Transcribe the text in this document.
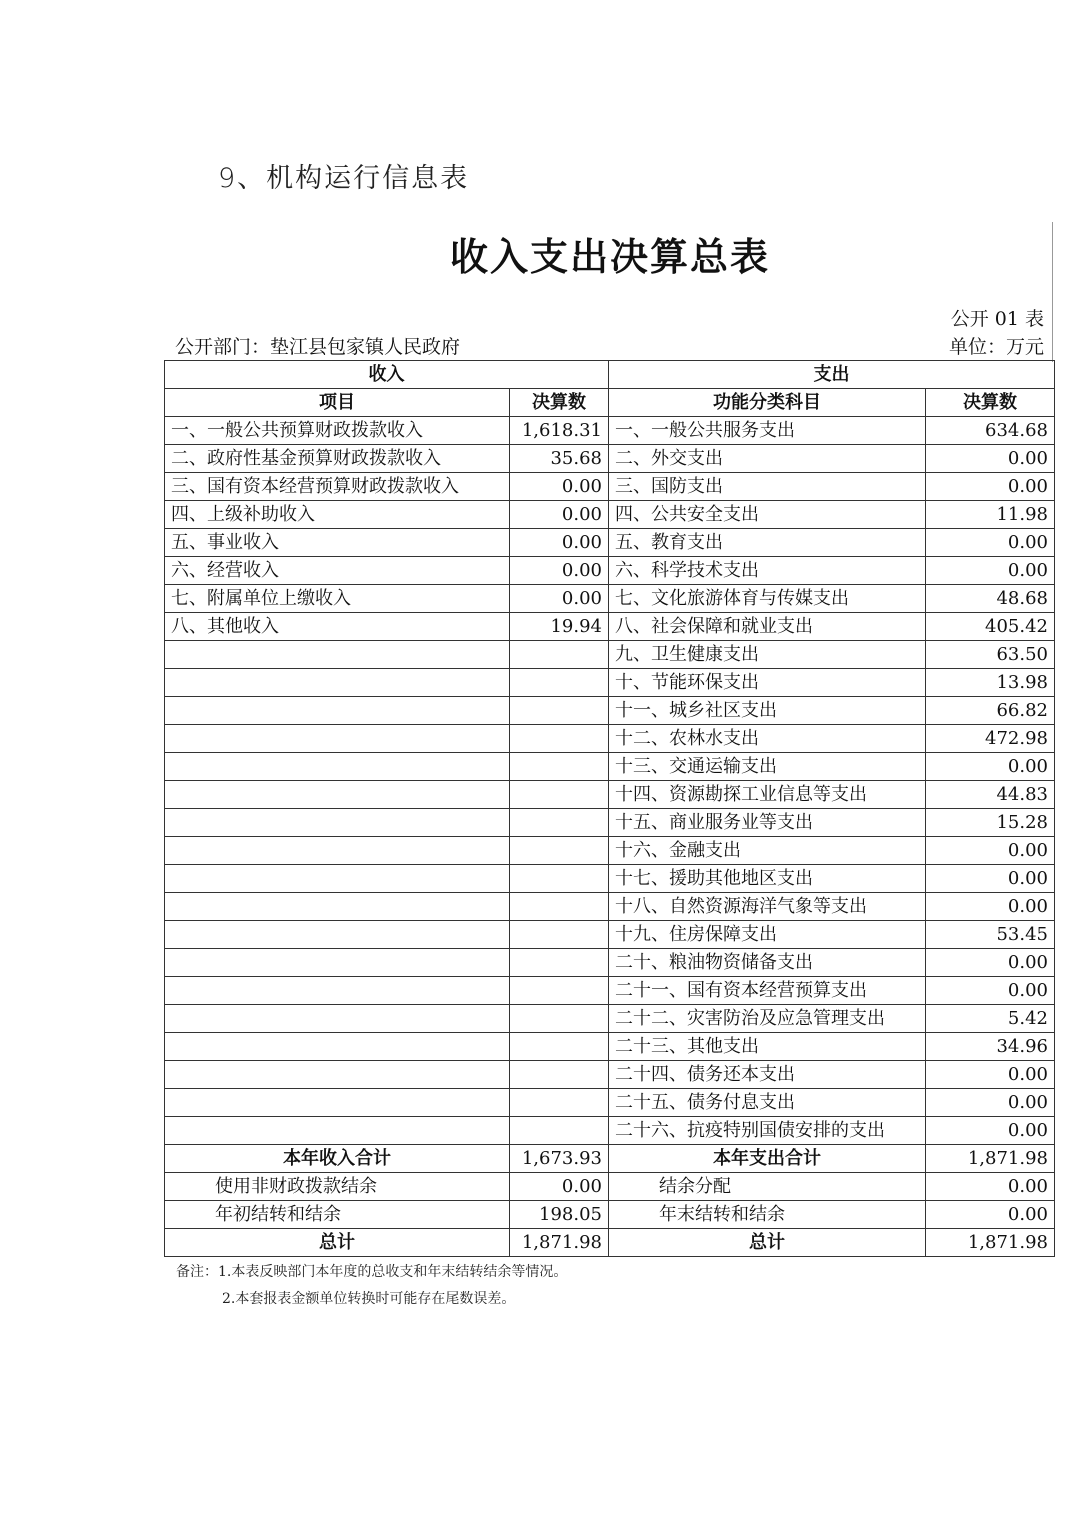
9、机构运行信息表
收入支出决算总表
公开 01 表
公开部门：垫江县包家镇人民政府	单位：万元
收入		支出	
项目	决算数	功能分类科目	决算数
一、一般公共预算财政拨款收入	1,618.31	一、一般公共服务支出	634.68
二、政府性基金预算财政拨款收入	35.68	二、外交支出	0.00
三、国有资本经营预算财政拨款收入	0.00	三、国防支出	0.00
四、上级补助收入	0.00	四、公共安全支出	11.98
五、事业收入	0.00	五、教育支出	0.00
六、经营收入	0.00	六、科学技术支出	0.00
七、附属单位上缴收入	0.00	七、文化旅游体育与传媒支出	48.68
八、其他收入	19.94	八、社会保障和就业支出	405.42
		九、卫生健康支出	63.50
		十、节能环保支出	13.98
		十一、城乡社区支出	66.82
		十二、农林水支出	472.98
		十三、交通运输支出	0.00
		十四、资源勘探工业信息等支出	44.83
		十五、商业服务业等支出	15.28
		十六、金融支出	0.00
		十七、援助其他地区支出	0.00
		十八、自然资源海洋气象等支出	0.00
		十九、住房保障支出	53.45
		二十、粮油物资储备支出	0.00
		二十一、国有资本经营预算支出	0.00
		二十二、灾害防治及应急管理支出	5.42
		二十三、其他支出	34.96
		二十四、债务还本支出	0.00
		二十五、债务付息支出	0.00
		二十六、抗疫特别国债安排的支出	0.00
本年收入合计	1,673.93	本年支出合计	1,871.98
使用非财政拨款结余	0.00	结余分配	0.00
年初结转和结余	198.05	年末结转和结余	0.00
总计	1,871.98	总计	1,871.98
备注：1.本表反映部门本年度的总收支和年末结转结余等情况。
2.本套报表金额单位转换时可能存在尾数误差。
